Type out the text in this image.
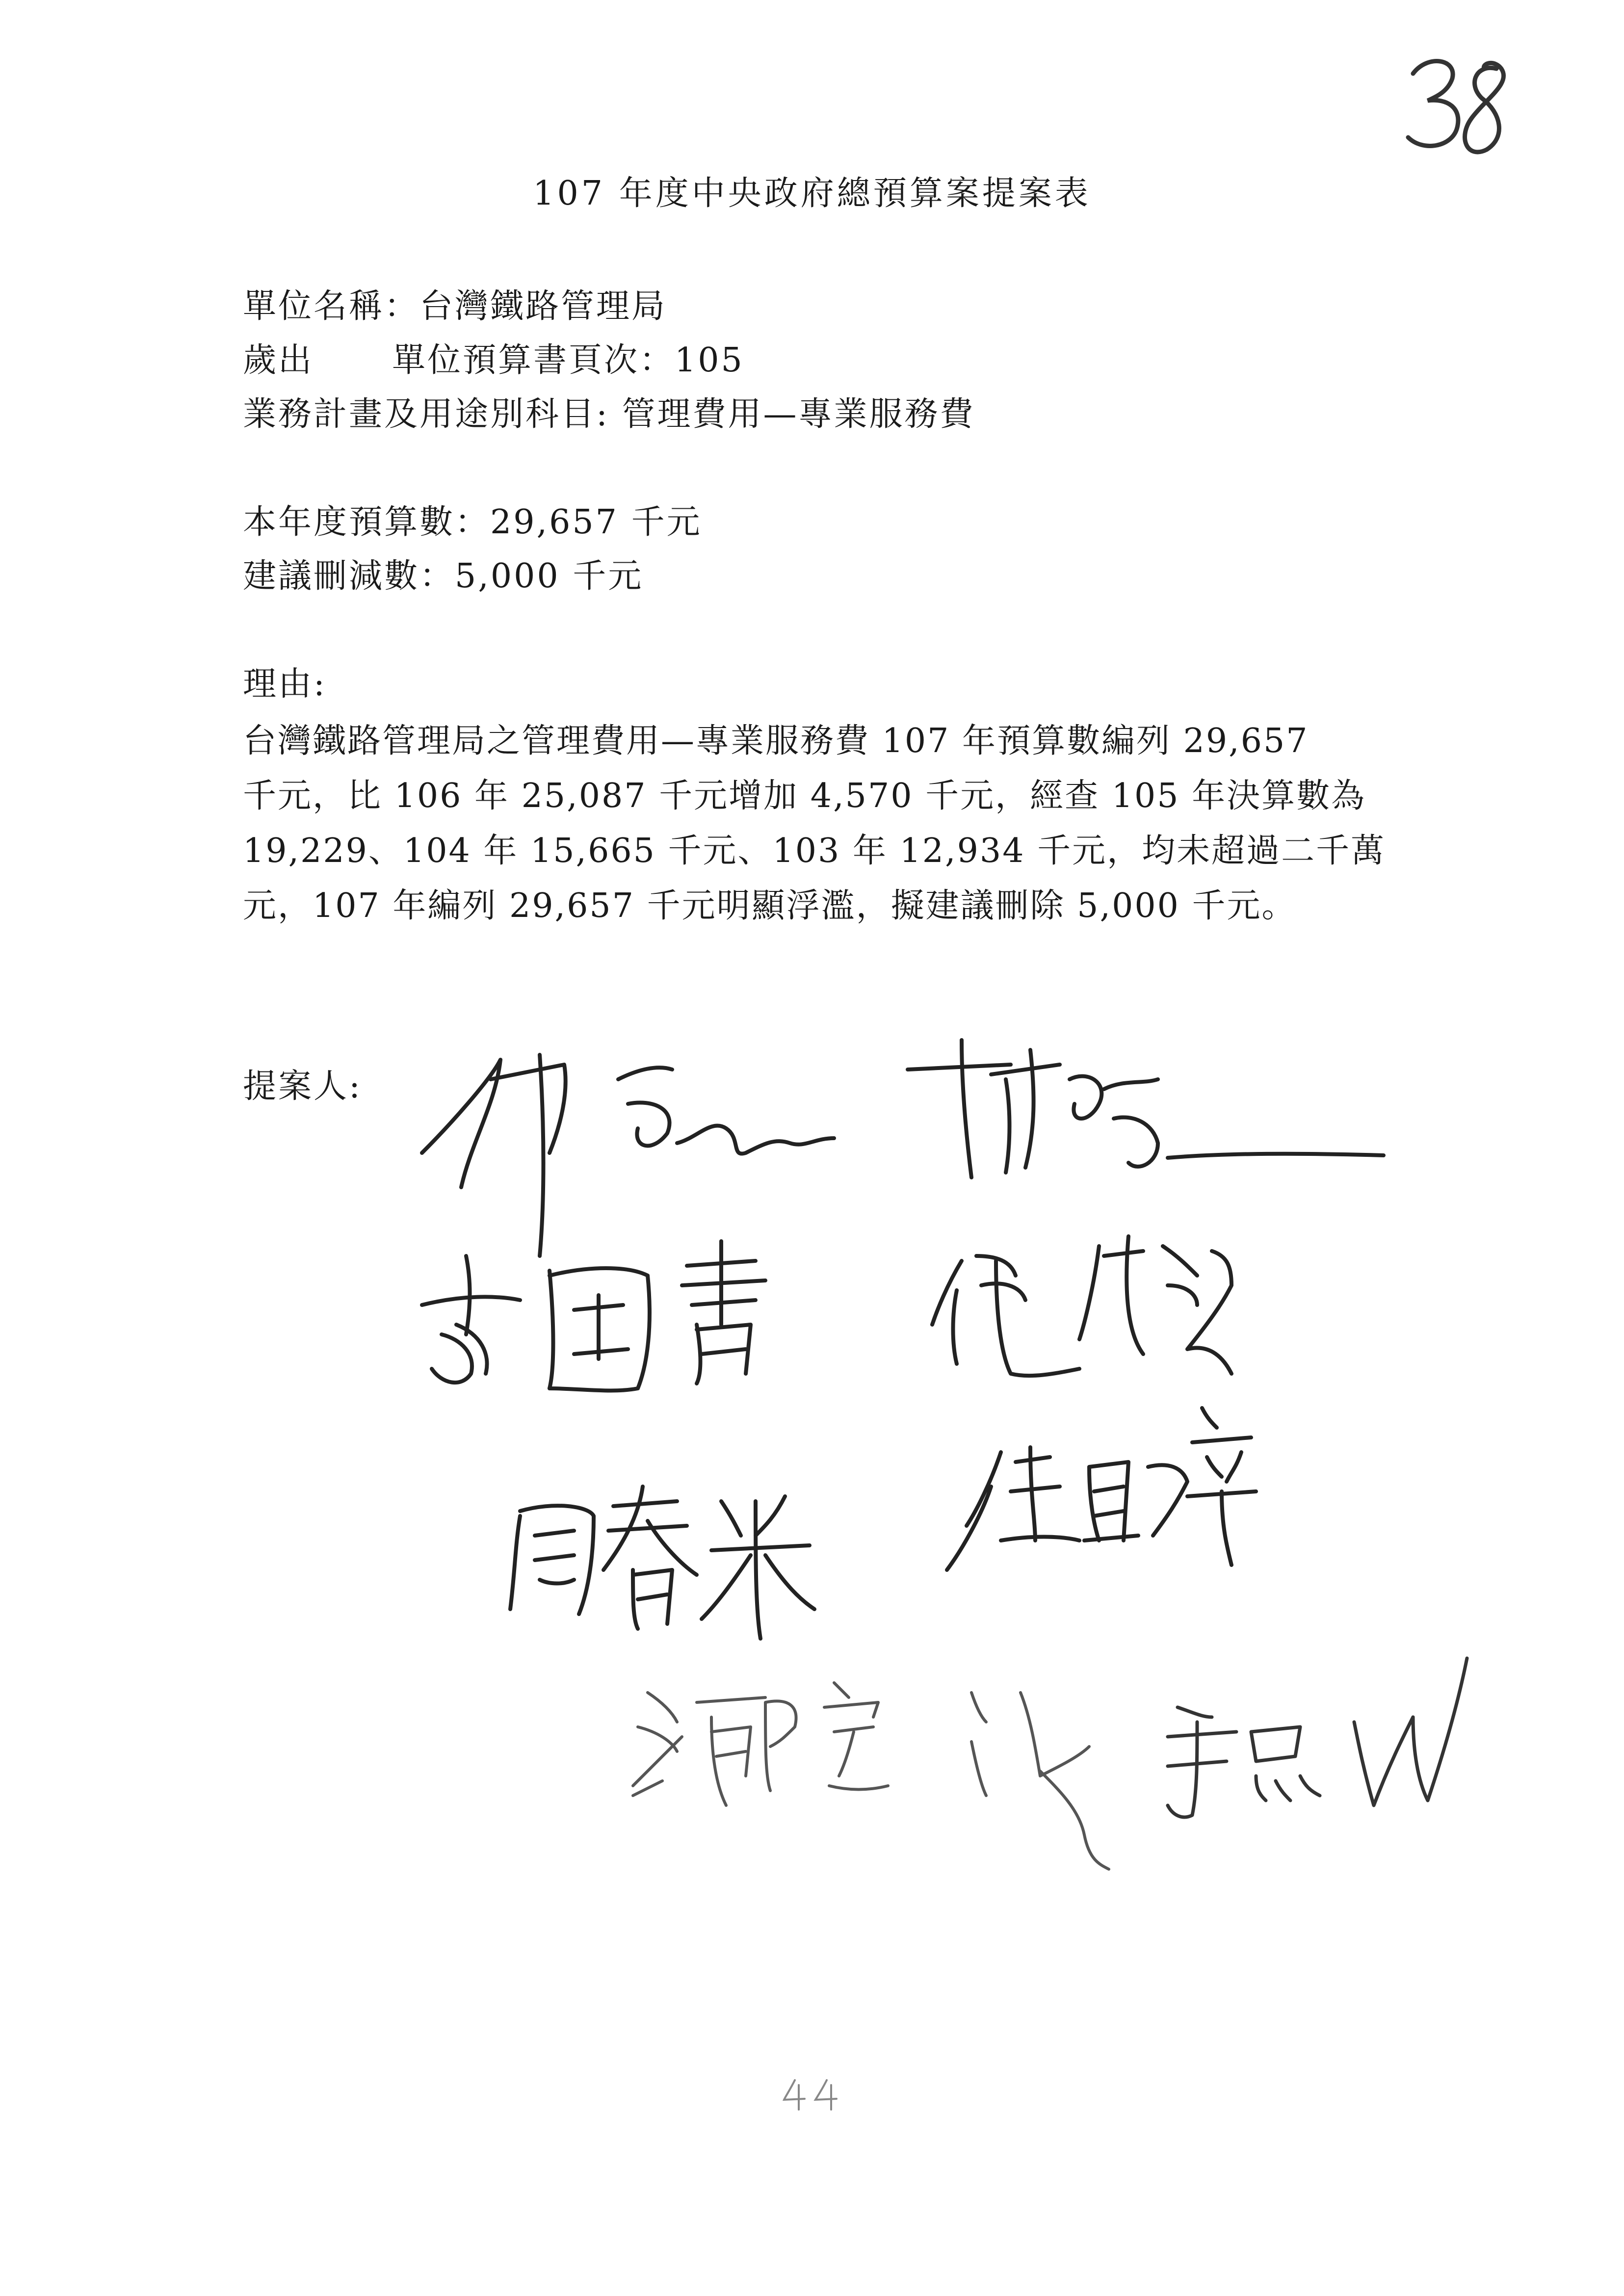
107 年度中央政府總預算案提案表
單位名稱：台灣鐵路管理局
歲出 單位預算書頁次：105
業務計畫及用途別科目: 管理費用—專業服務費
本年度預算數：29,657 千元
建議刪減數：5,000 千元
理由:
台灣鐵路管理局之管理費用—專業服務費 107 年預算數編列 29,657
千元，比 106 年 25,087 千元增加 4,570 千元，經查 105 年決算數為
19,229、104 年 15,665 千元、103 年 12,934 千元，均未超過二千萬
元，107 年編列 29,657 千元明顯浮濫，擬建議刪除 5,000 千元。
提案人:
